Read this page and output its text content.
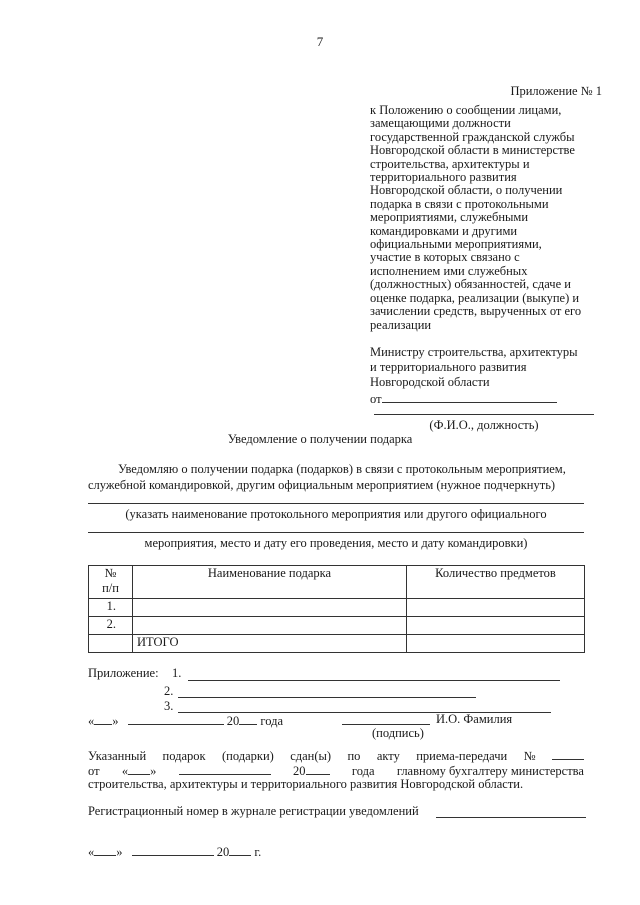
7
Приложение № 1
к Положению о сообщении лицами,
замещающими должности
государственной гражданской службы
Новгородской области в министерстве
строительства, архитектуры и
территориального развития
Новгородской области, о получении
подарка в связи с протокольными
мероприятиями, служебными
командировками и другими
официальными мероприятиями,
участие в которых связано с
исполнением ими служебных
(должностных) обязанностей, сдаче и
оценке подарка, реализации (выкупе) и
зачислении средств, вырученных от его
реализации
Министру строительства, архитектуры
и территориального развития
Новгородской области
от
(Ф.И.О., должность)
Уведомление о получении подарка
Уведомляю о получении подарка (подарков) в связи с протокольным мероприятием,
служебной командировкой, другим официальным мероприятием (нужное подчеркнуть)
(указать наименование протокольного мероприятия или другого официального
мероприятия, место и дату его проведения, место и дату командировки)
№ п/п	Наименование подарка	Количество предметов
1.		
2.		
	ИТОГО	
Приложение: 1.
2.
3.
« »	20 года	И.О. Фамилия
(подпись)
Указанный подарок (подарки) сдан(ы) по акту приема-передачи №
от « »	20	года главному бухгалтеру министерства
строительства, архитектуры и территориального развития Новгородской области.
Регистрационный номер в журнале регистрации уведомлений
« »	20 г.
